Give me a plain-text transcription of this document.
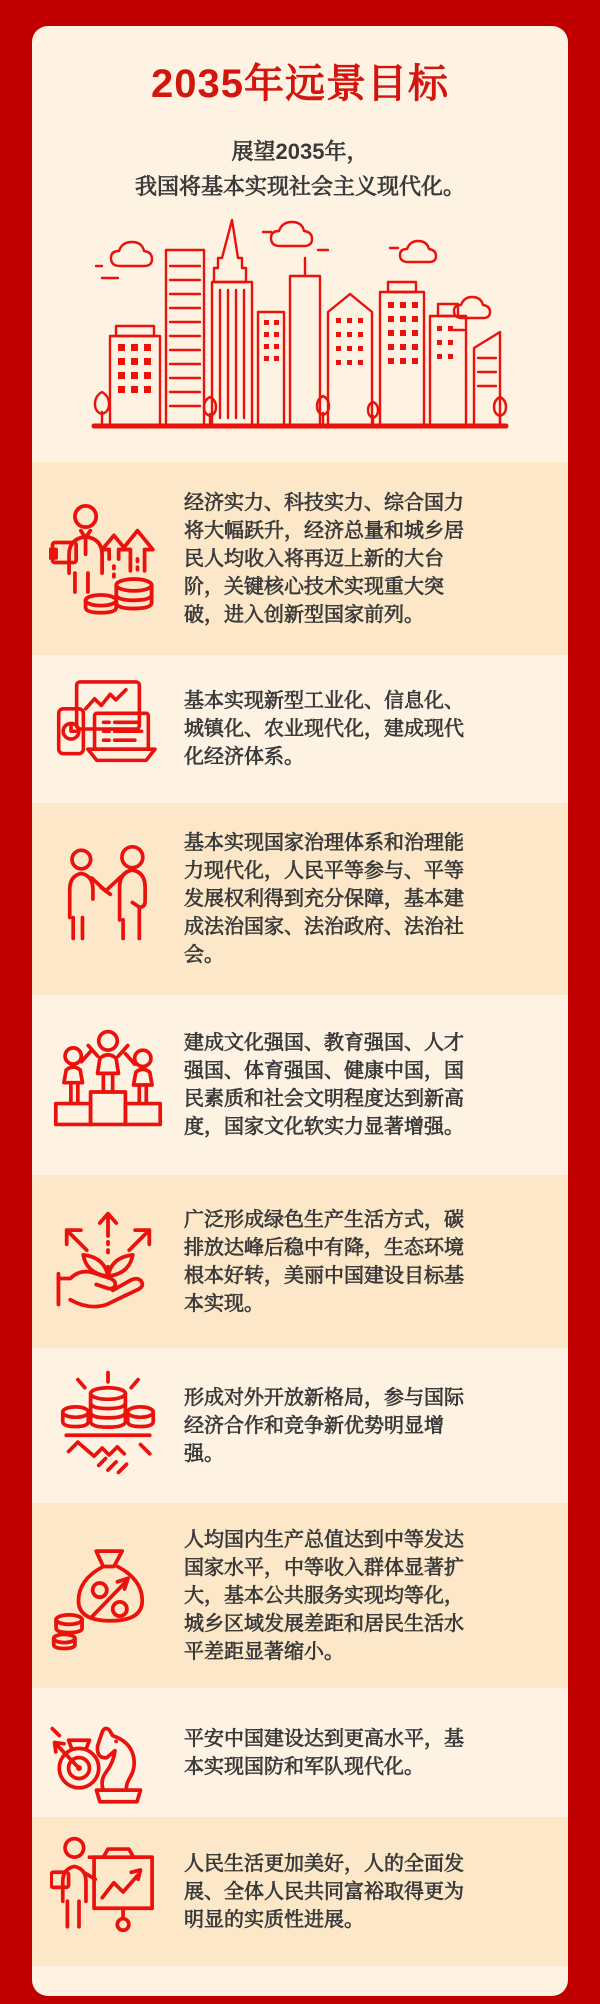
2035年远景目标

展望2035年，
我国将基本实现社会主义现代化。

经济实力、科技实力、综合国力将大幅跃升，经济总量和城乡居民人均收入将再迈上新的大台阶，关键核心技术实现重大突破，进入创新型国家前列。

基本实现新型工业化、信息化、城镇化、农业现代化，建成现代化经济体系。

基本实现国家治理体系和治理能力现代化，人民平等参与、平等发展权利得到充分保障，基本建成法治国家、法治政府、法治社会。

建成文化强国、教育强国、人才强国、体育强国、健康中国，国民素质和社会文明程度达到新高度，国家文化软实力显著增强。

广泛形成绿色生产生活方式，碳排放达峰后稳中有降，生态环境根本好转，美丽中国建设目标基本实现。

形成对外开放新格局，参与国际经济合作和竞争新优势明显增强。

人均国内生产总值达到中等发达国家水平，中等收入群体显著扩大，基本公共服务实现均等化，城乡区域发展差距和居民生活水平差距显著缩小。

平安中国建设达到更高水平，基本实现国防和军队现代化。

人民生活更加美好，人的全面发展、全体人民共同富裕取得更为明显的实质性进展。
